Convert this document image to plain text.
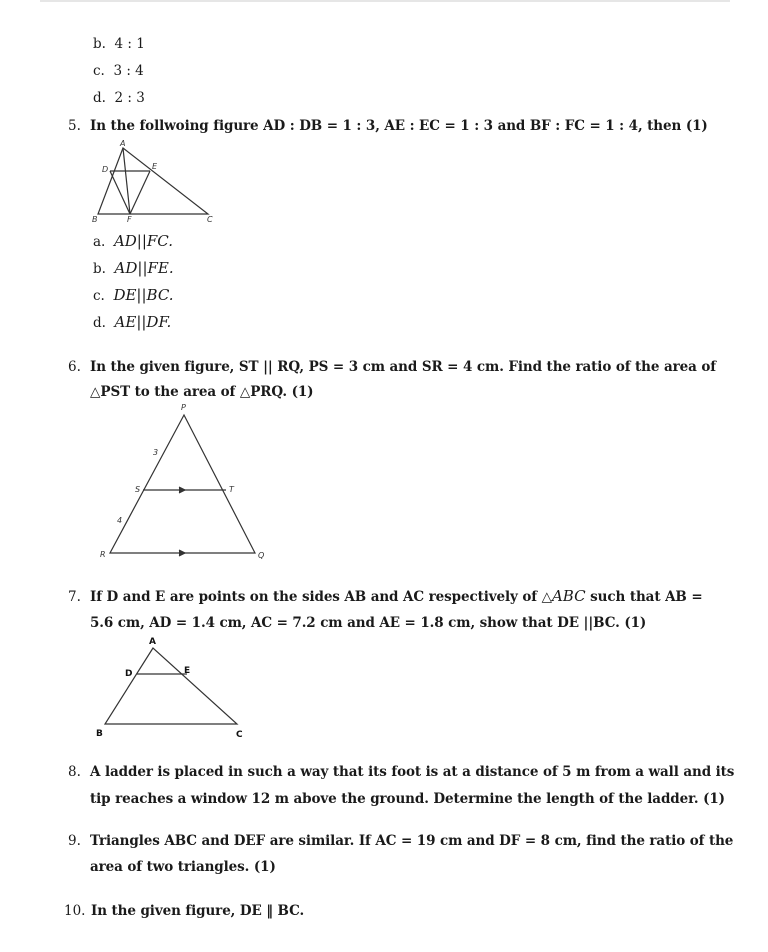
b. 4 : 1
c. 3 : 4
d. 2 : 3
5. In the follwoing figure AD : DB = 1 : 3, AE : EC = 1 : 3 and BF : FC = 1 : 4, then (1)
A
D	E
B	F	C
a. AD||FC.
b. AD||FE.
c. DE||BC.
d. AE||DF.
6. In the given figure, ST || RQ, PS = 3 cm and SR = 4 cm. Find the ratio of the area of
△PST to the area of △PRQ. (1)
P
S	T
R	Q
3
4
7. If D and E are points on the sides AB and AC respectively of △ABC such that AB =
5.6 cm, AD = 1.4 cm, AC = 7.2 cm and AE = 1.8 cm, show that DE ||BC. (1)
A
D	E
B	C
8. A ladder is placed in such a way that its foot is at a distance of 5 m from a wall and its
tip reaches a window 12 m above the ground. Determine the length of the ladder. (1)
9. Triangles ABC and DEF are similar. If AC = 19 cm and DF = 8 cm, find the ratio of the
area of two triangles. (1)
10. In the given figure, DE ‖ BC.
